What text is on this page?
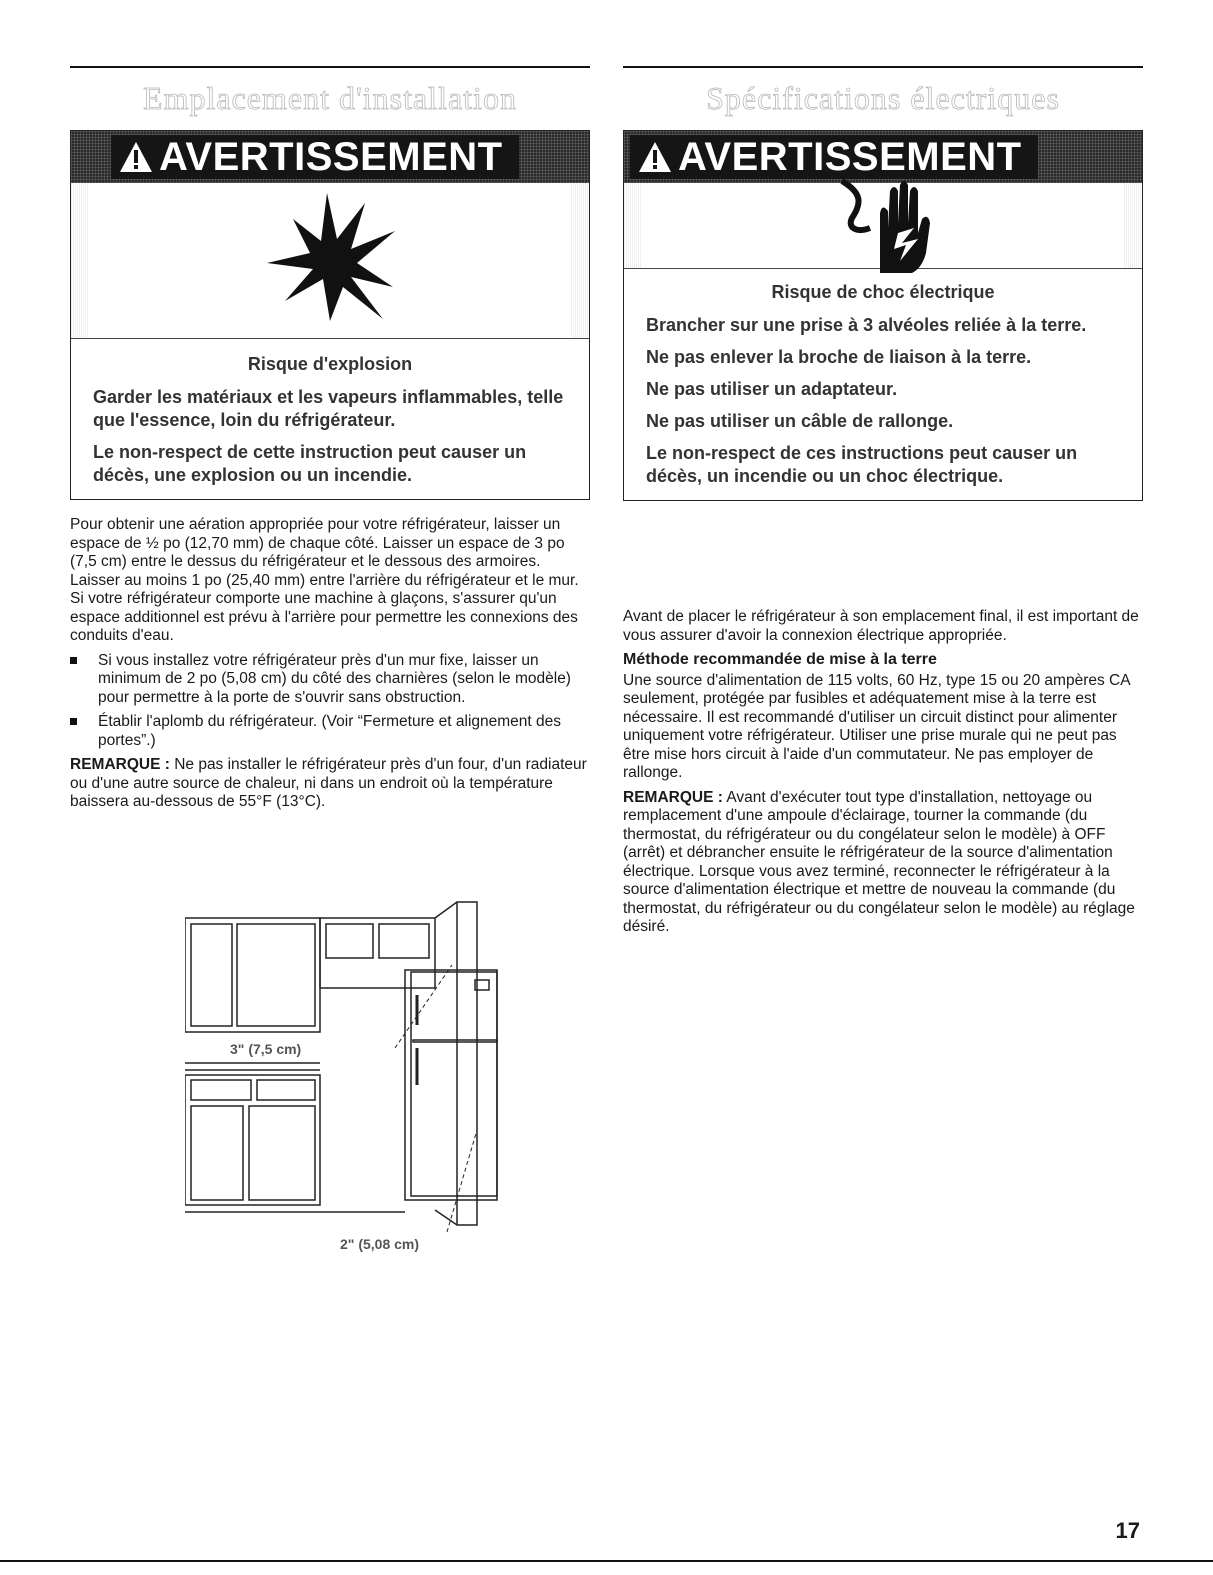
Emplacement d'installation
AVERTISSEMENT
Risque d'explosion

Garder les matériaux et les vapeurs inflammables, telle que l'essence, loin du réfrigérateur.

Le non-respect de cette instruction peut causer un décès, une explosion ou un incendie.

Pour obtenir une aération appropriée pour votre réfrigérateur, laisser un espace de ½ po (12,70 mm) de chaque côté. Laisser un espace de 3 po (7,5 cm) entre le dessus du réfrigérateur et le dessous des armoires. Laisser au moins 1 po (25,40 mm) entre l'arrière du réfrigérateur et le mur. Si votre réfrigérateur comporte une machine à glaçons, s'assurer qu'un espace additionnel est prévu à l'arrière pour permettre les connexions des conduits d'eau.

Si vous installez votre réfrigérateur près d'un mur fixe, laisser un minimum de 2 po (5,08 cm) du côté des charnières (selon le modèle) pour permettre à la porte de s'ouvrir sans obstruction.
Établir l'aplomb du réfrigérateur. (Voir “Fermeture et alignement des portes”.)

REMARQUE : Ne pas installer le réfrigérateur près d'un four, d'un radiateur ou d'une autre source de chaleur, ni dans un endroit où la température baissera au-dessous de 55°F (13°C).

3" (7,5 cm)
2" (5,08 cm)
Spécifications électriques
AVERTISSEMENT
Risque de choc électrique

Brancher sur une prise à 3 alvéoles reliée à la terre.

Ne pas enlever la broche de liaison à la terre.

Ne pas utiliser un adaptateur.

Ne pas utiliser un câble de rallonge.

Le non-respect de ces instructions peut causer un décès, un incendie ou un choc électrique.

Avant de placer le réfrigérateur à son emplacement final, il est important de vous assurer d'avoir la connexion électrique appropriée.

Méthode recommandée de mise à la terre

Une source d'alimentation de 115 volts, 60 Hz, type 15 ou 20 ampères CA seulement, protégée par fusibles et adéquatement mise à la terre est nécessaire. Il est recommandé d'utiliser un circuit distinct pour alimenter uniquement votre réfrigérateur. Utiliser une prise murale qui ne peut pas être mise hors circuit à l'aide d'un commutateur. Ne pas employer de rallonge.

REMARQUE : Avant d'exécuter tout type d'installation, nettoyage ou remplacement d'une ampoule d'éclairage, tourner la commande (du thermostat, du réfrigérateur ou du congélateur selon le modèle) à OFF (arrêt) et débrancher ensuite le réfrigérateur de la source d'alimentation électrique. Lorsque vous avez terminé, reconnecter le réfrigérateur à la source d'alimentation électrique et mettre de nouveau la commande (du thermostat, du réfrigérateur ou du congélateur selon le modèle) au réglage désiré.

17
